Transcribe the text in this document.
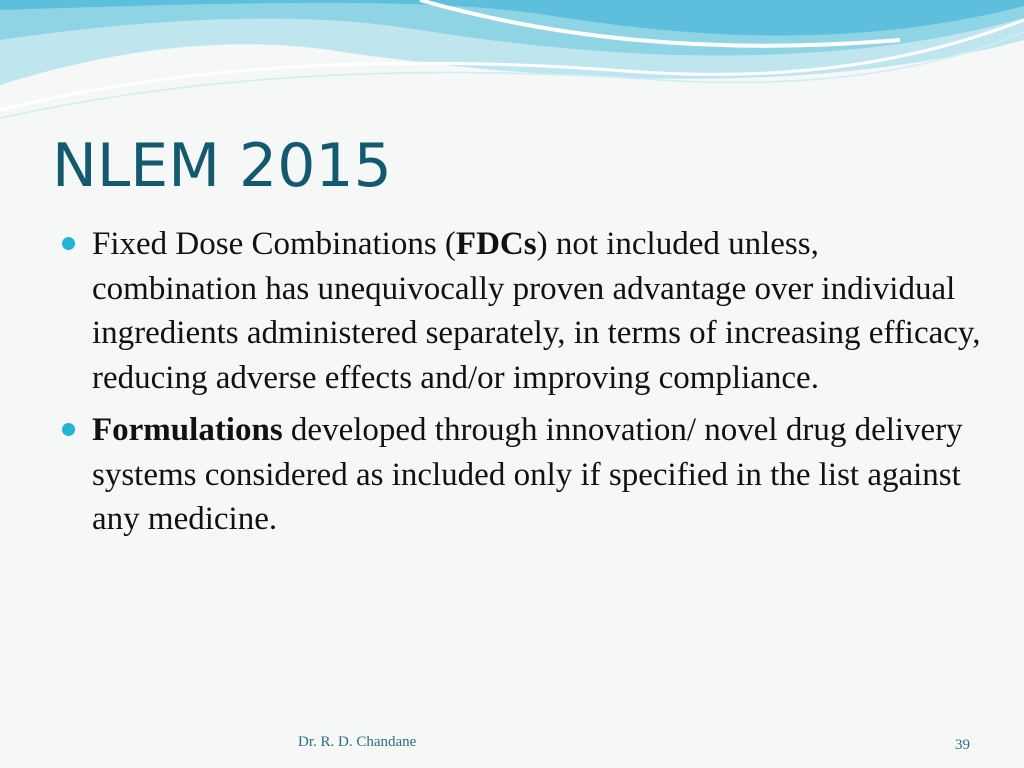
NLEM 2015
Fixed Dose Combinations (FDCs) not included unless, combination has unequivocally proven advantage over individual ingredients administered separately, in terms of increasing efficacy, reducing adverse effects and/or improving compliance.
Formulations developed through innovation/ novel drug delivery systems considered as included only if specified in the list against any medicine.
Dr. R. D. Chandane	39
